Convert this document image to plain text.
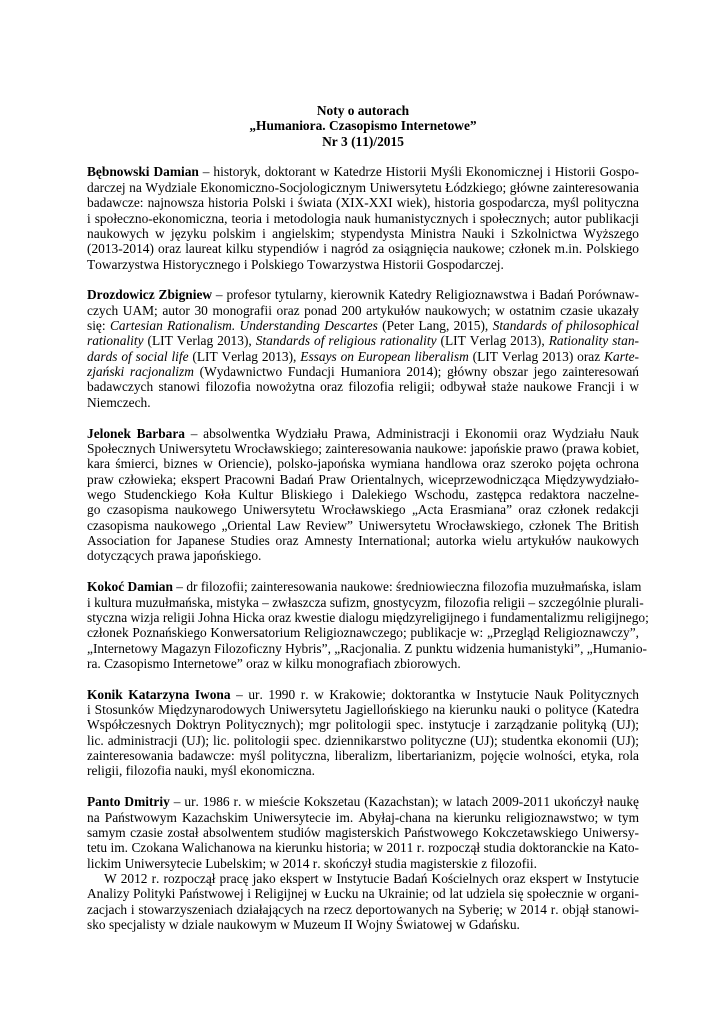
Noty o autorach
„Humaniora. Czasopismo Internetowe”
Nr 3 (11)/2015
Bębnowski Damian – historyk, doktorant w Katedrze Historii Myśli Ekonomicznej i Historii Gospo-
darczej na Wydziale Ekonomiczno-Socjologicznym Uniwersytetu Łódzkiego; główne zainteresowania
badawcze: najnowsza historia Polski i świata (XIX-XXI wiek), historia gospodarcza, myśl polityczna
i społeczno-ekonomiczna, teoria i metodologia nauk humanistycznych i społecznych; autor publikacji
naukowych w języku polskim i angielskim; stypendysta Ministra Nauki i Szkolnictwa Wyższego
(2013-2014) oraz laureat kilku stypendiów i nagród za osiągnięcia naukowe; członek m.in. Polskiego
Towarzystwa Historycznego i Polskiego Towarzystwa Historii Gospodarczej.
Drozdowicz Zbigniew – profesor tytularny, kierownik Katedry Religioznawstwa i Badań Porównaw-
czych UAM; autor 30 monografii oraz ponad 200 artykułów naukowych; w ostatnim czasie ukazały
się: Cartesian Rationalism. Understanding Descartes (Peter Lang, 2015), Standards of philosophical
rationality (LIT Verlag 2013), Standards of religious rationality (LIT Verlag 2013), Rationality stan-
dards of social life (LIT Verlag 2013), Essays on European liberalism (LIT Verlag 2013) oraz Karte-
zjański racjonalizm (Wydawnictwo Fundacji Humaniora 2014); główny obszar jego zainteresowań
badawczych stanowi filozofia nowożytna oraz filozofia religii; odbywał staże naukowe Francji i w
Niemczech.
Jelonek Barbara – absolwentka Wydziału Prawa, Administracji i Ekonomii oraz Wydziału Nauk
Społecznych Uniwersytetu Wrocławskiego; zainteresowania naukowe: japońskie prawo (prawa kobiet,
kara śmierci, biznes w Oriencie), polsko-japońska wymiana handlowa oraz szeroko pojęta ochrona
praw człowieka; ekspert Pracowni Badań Praw Orientalnych, wiceprzewodnicząca Międzywydziało-
wego Studenckiego Koła Kultur Bliskiego i Dalekiego Wschodu, zastępca redaktora naczelne-
go czasopisma naukowego Uniwersytetu Wrocławskiego „Acta Erasmiana” oraz członek redakcji
czasopisma naukowego „Oriental Law Review” Uniwersytetu Wrocławskiego, członek The British
Association for Japanese Studies oraz Amnesty International; autorka wielu artykułów naukowych
dotyczących prawa japońskiego.
Kokoć Damian – dr filozofii; zainteresowania naukowe: średniowieczna filozofia muzułmańska, islam
i kultura muzułmańska, mistyka – zwłaszcza sufizm, gnostycyzm, filozofia religii – szczególnie plurali-
styczna wizja religii Johna Hicka oraz kwestie dialogu międzyreligijnego i fundamentalizmu religijnego;
członek Poznańskiego Konwersatorium Religioznawczego; publikacje w: „Przegląd Religioznawczy”,
„Internetowy Magazyn Filozoficzny Hybris”, „Racjonalia. Z punktu widzenia humanistyki”, „Humanio-
ra. Czasopismo Internetowe” oraz w kilku monografiach zbiorowych.
Konik Katarzyna Iwona – ur. 1990 r. w Krakowie; doktorantka w Instytucie Nauk Politycznych
i Stosunków Międzynarodowych Uniwersytetu Jagiellońskiego na kierunku nauki o polityce (Katedra
Współczesnych Doktryn Politycznych); mgr politologii spec. instytucje i zarządzanie polityką (UJ);
lic. administracji (UJ); lic. politologii spec. dziennikarstwo polityczne (UJ); studentka ekonomii (UJ);
zainteresowania badawcze: myśl polityczna, liberalizm, libertarianizm, pojęcie wolności, etyka, rola
religii, filozofia nauki, myśl ekonomiczna.
Panto Dmitriy – ur. 1986 r. w mieście Kokszetau (Kazachstan); w latach 2009-2011 ukończył naukę
na Państwowym Kazachskim Uniwersytecie im. Abyłaj-chana na kierunku religioznawstwo; w tym
samym czasie został absolwentem studiów magisterskich Państwowego Kokczetawskiego Uniwersy-
tetu im. Czokana Walichanowa na kierunku historia; w 2011 r. rozpoczął studia doktoranckie na Kato-
lickim Uniwersytecie Lubelskim; w 2014 r. skończył studia magisterskie z filozofii.
W 2012 r. rozpoczął pracę jako ekspert w Instytucie Badań Kościelnych oraz ekspert w Instytucie
Analizy Polityki Państwowej i Religijnej w Łucku na Ukrainie; od lat udziela się społecznie w organi-
zacjach i stowarzyszeniach działających na rzecz deportowanych na Syberię; w 2014 r. objął stanowi-
sko specjalisty w dziale naukowym w Muzeum II Wojny Światowej w Gdańsku.
